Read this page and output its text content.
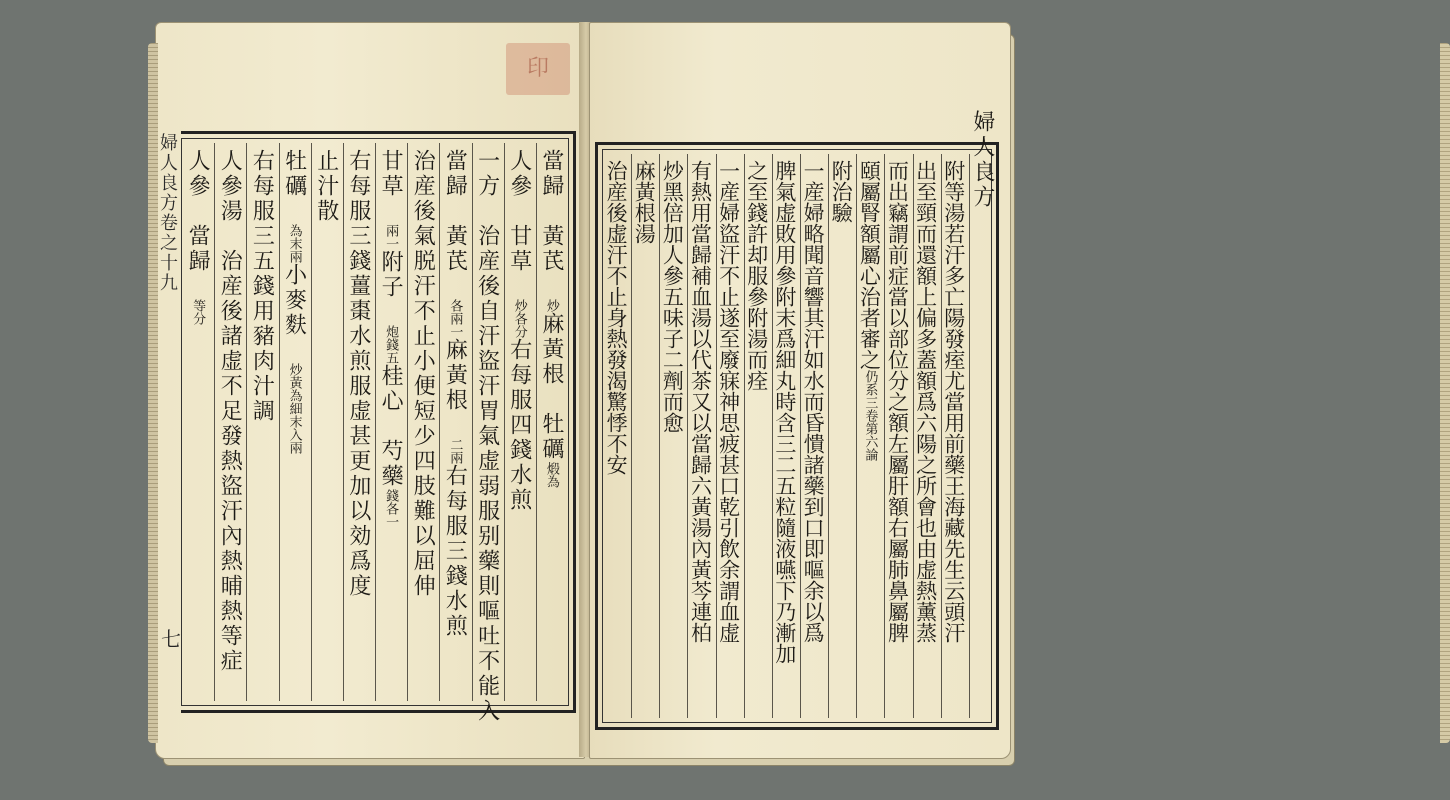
印
婦人良方卷之十九
七
當歸　黃芪　炒麻黃根　牡礪煅為
人參　甘草　炒各分右每服四錢水煎　
一方　治産後自汗盜汗胃氣虚弱服别藥則嘔吐不能入　
當歸　黃芪　各兩一麻黃根　二兩右每服三錢水煎
治産後氣脱汗不止小便短少四肢難以屈伸　
甘草　兩一附子　炮錢五桂心　芍藥錢各一
右每服三錢薑棗水煎服虚甚更加以効爲度　
止汁散　
牡礪　為末兩小麥麩　炒黃為細末入兩
右每服三五錢用豬肉汁調　
人參湯　治産後諸虚不足發熱盜汗內熱晡熱等症　
人參　當歸　等分
婦人良方
附等湯若汗多亡陽發痓尤當用前藥王海藏先生云頭汗
出至頸而還額上偏多蓋額爲六陽之所會也由虚熱薰蒸
而出竊謂前症當以部位分之額左屬肝額右屬肺鼻屬脾
頤屬腎額屬心治者審之仍系三卷第六論
附治驗
一産婦略聞音響其汗如水而昏憒諸藥到口即嘔余以爲
脾氣虚敗用參附末爲細丸時含三二五粒隨液嚥下乃漸加
之至錢許却服參附湯而痊
一産婦盜汗不止遂至廢寐神思疲甚口乾引飲余謂血虚
有熱用當歸補血湯以代茶又以當歸六黃湯內黃芩連柏
炒黑倍加人參五味子二劑而愈
麻黃根湯
治産後虚汗不止身熱發渴驚悸不安
